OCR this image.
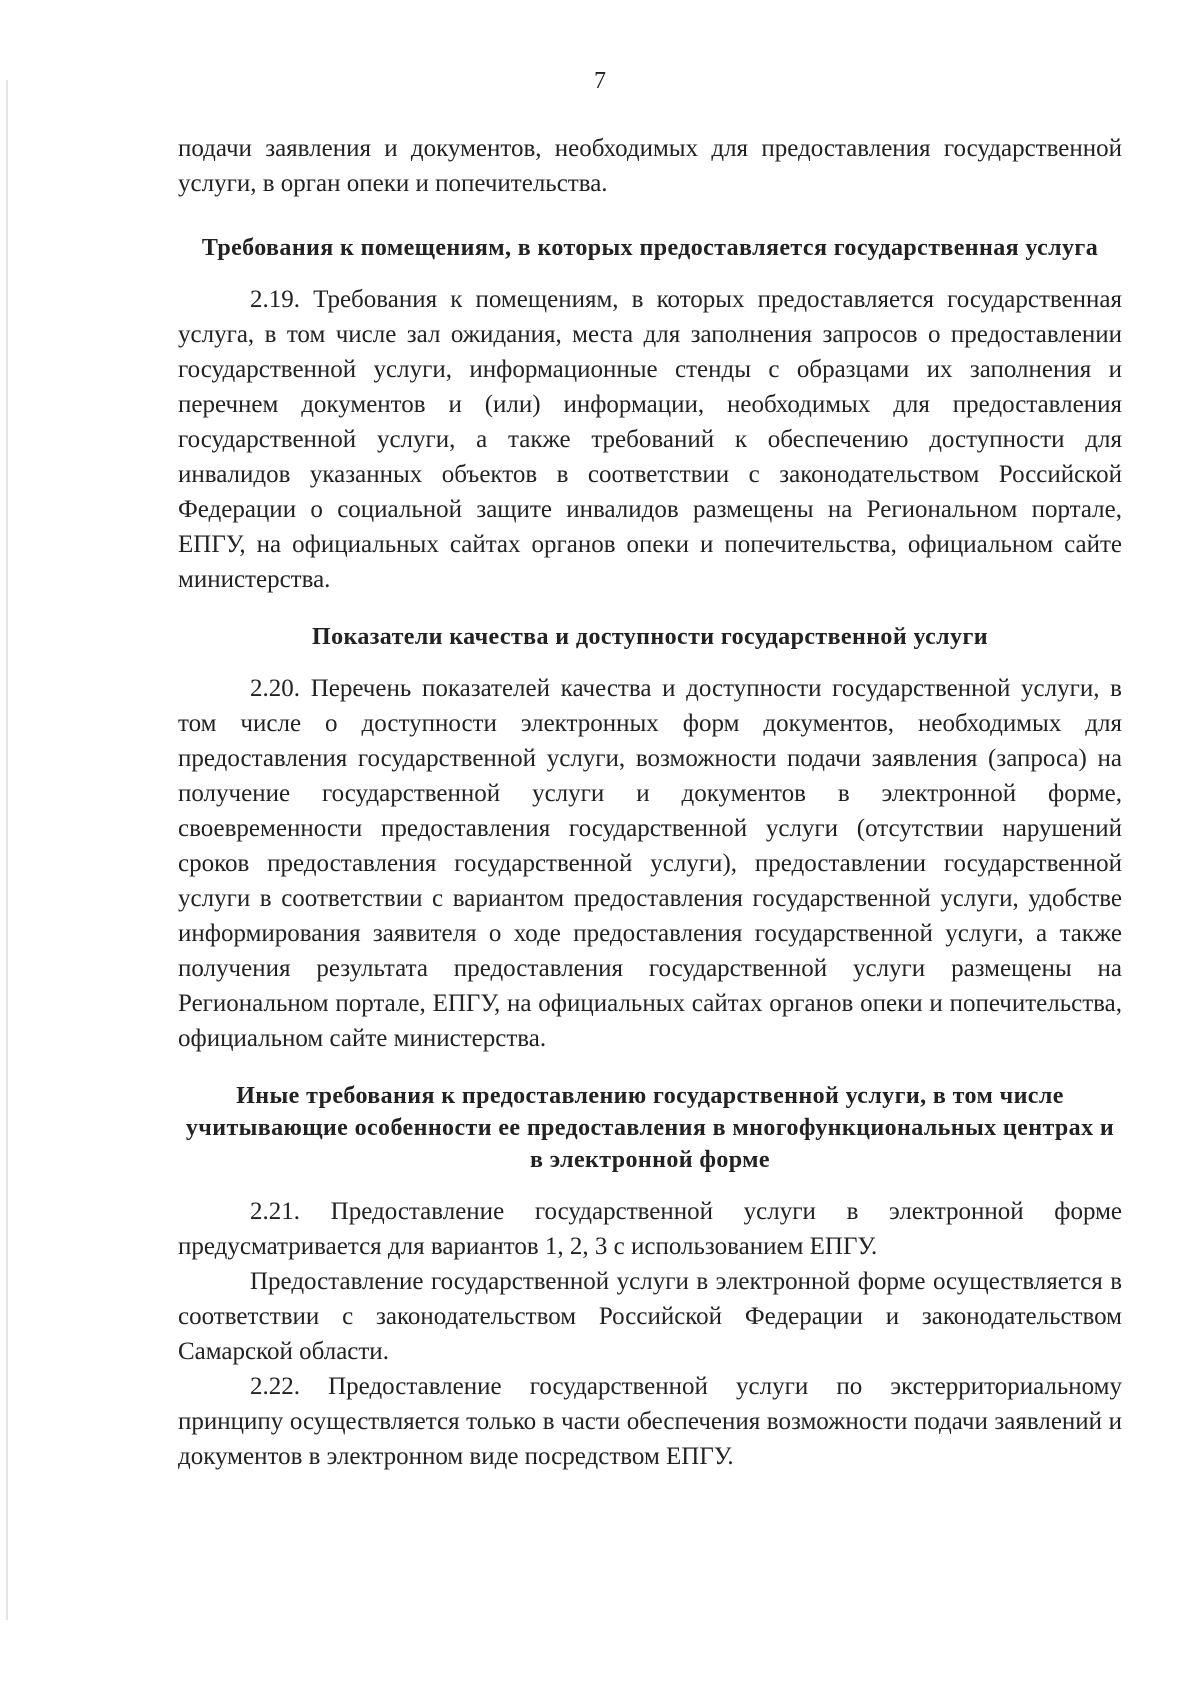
7

подачи заявления и документов, необходимых для предоставления государственной услуги, в орган опеки и попечительства.

Требования к помещениям, в которых предоставляется государственная услуга

2.19. Требования к помещениям, в которых предоставляется государственная услуга, в том числе зал ожидания, места для заполнения запросов о предоставлении государственной услуги, информационные стенды с образцами их заполнения и перечнем документов и (или) информации, необходимых для предоставления государственной услуги, а также требований к обеспечению доступности для инвалидов указанных объектов в соответствии с законодательством Российской Федерации о социальной защите инвалидов размещены на Региональном портале, ЕПГУ, на официальных сайтах органов опеки и попечительства, официальном сайте министерства.

Показатели качества и доступности государственной услуги

2.20. Перечень показателей качества и доступности государственной услуги, в том числе о доступности электронных форм документов, необходимых для предоставления государственной услуги, возможности подачи заявления (запроса) на получение государственной услуги и документов в электронной форме, своевременности предоставления государственной услуги (отсутствии нарушений сроков предоставления государственной услуги), предоставлении государственной услуги в соответствии с вариантом предоставления государственной услуги, удобстве информирования заявителя о ходе предоставления государственной услуги, а также получения результата предоставления государственной услуги размещены на Региональном портале, ЕПГУ, на официальных сайтах органов опеки и попечительства, официальном сайте министерства.

Иные требования к предоставлению государственной услуги, в том числе учитывающие особенности ее предоставления в многофункциональных центрах и в электронной форме

2.21. Предоставление государственной услуги в электронной форме предусматривается для вариантов 1, 2, 3 с использованием ЕПГУ.

Предоставление государственной услуги в электронной форме осуществляется в соответствии с законодательством Российской Федерации и законодательством Самарской области.

2.22. Предоставление государственной услуги по экстерриториальному принципу осуществляется только в части обеспечения возможности подачи заявлений и документов в электронном виде посредством ЕПГУ.
